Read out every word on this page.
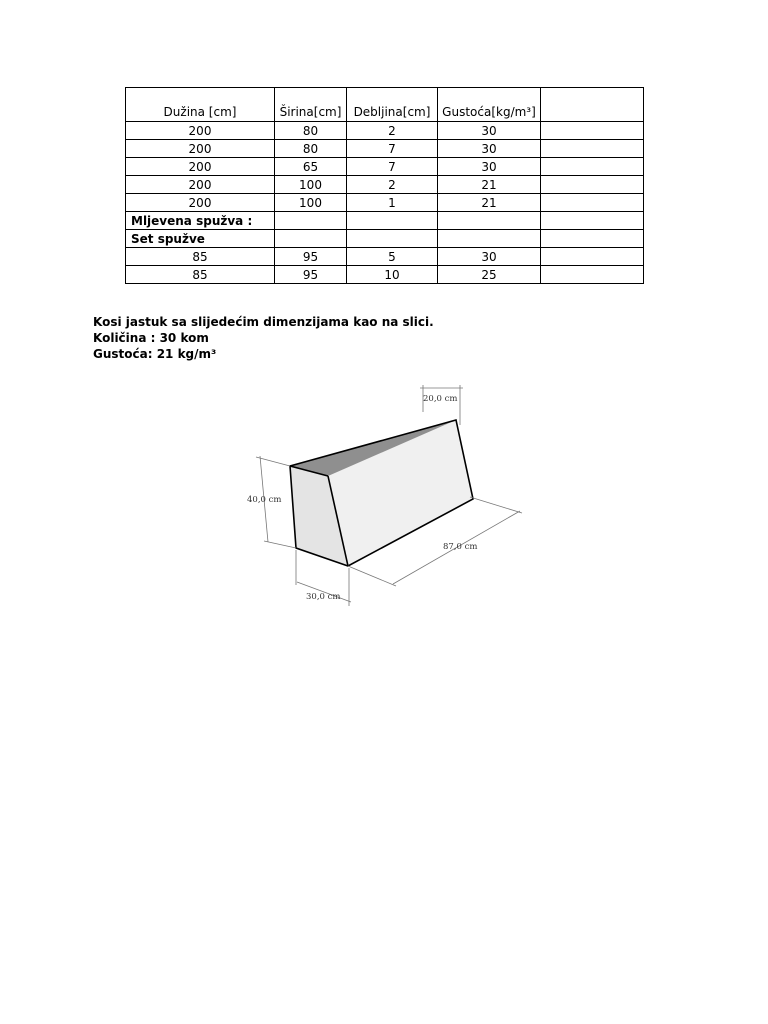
Dužina [cm]	Širina[cm]	Debljina[cm]	Gustoća[kg/m³]	
200	80	2	30	
200	80	7	30	
200	65	7	30	
200	100	2	21	
200	100	1	21	
Mljevena spužva :				
Set spužve				
85	95	5	30	
85	95	10	25	
Kosi jastuk sa slijedećim dimenzijama kao na slici.
Količina : 30 kom
Gustoća: 21 kg/m³
20,0 cm
40,0 cm
87,0 cm
30,0 cm
